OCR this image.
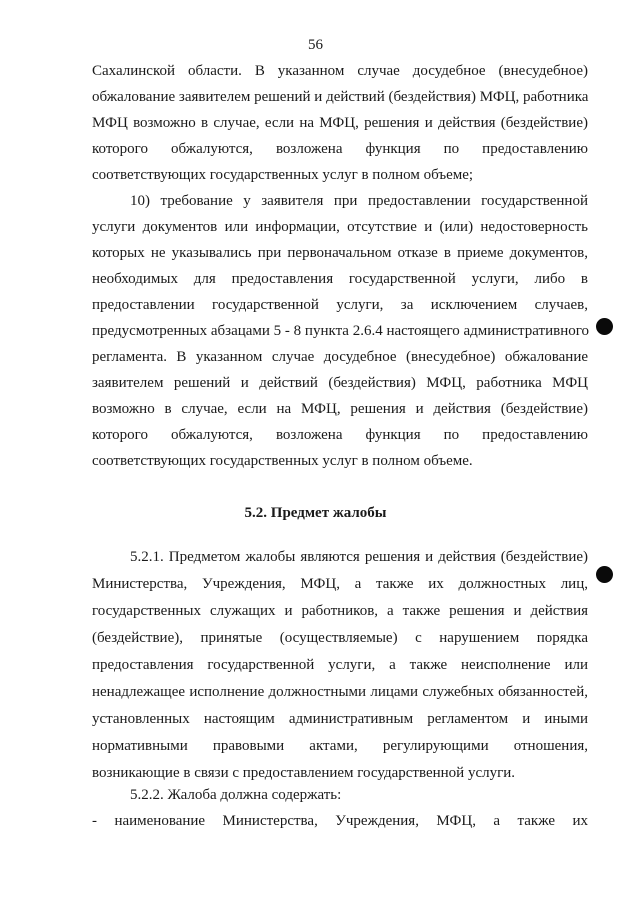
56
Сахалинской области. В указанном случае досудебное (внесудебное)
обжалование заявителем решений и действий (бездействия) МФЦ, работника
МФЦ возможно в случае, если на МФЦ, решения и действия (бездействие)
которого обжалуются, возложена функция по предоставлению
соответствующих государственных услуг в полном объеме;
10) требование у заявителя при предоставлении государственной
услуги документов или информации, отсутствие и (или) недостоверность
которых не указывались при первоначальном отказе в приеме документов,
необходимых для предоставления государственной услуги, либо в
предоставлении государственной услуги, за исключением случаев,
предусмотренных абзацами 5 - 8 пункта 2.6.4 настоящего административного
регламента. В указанном случае досудебное (внесудебное) обжалование
заявителем решений и действий (бездействия) МФЦ, работника МФЦ
возможно в случае, если на МФЦ, решения и действия (бездействие)
которого обжалуются, возложена функция по предоставлению
соответствующих государственных услуг в полном объеме.
5.2. Предмет жалобы
5.2.1. Предметом жалобы являются решения и действия (бездействие)
Министерства, Учреждения, МФЦ, а также их должностных лиц,
государственных служащих и работников, а также решения и действия
(бездействие), принятые (осуществляемые) с нарушением порядка
предоставления государственной услуги, а также неисполнение или
ненадлежащее исполнение должностными лицами служебных обязанностей,
установленных настоящим административным регламентом и иными
нормативными правовыми актами, регулирующими отношения,
возникающие в связи с предоставлением государственной услуги.
5.2.2. Жалоба должна содержать:
- наименование Министерства, Учреждения, МФЦ, а также их
